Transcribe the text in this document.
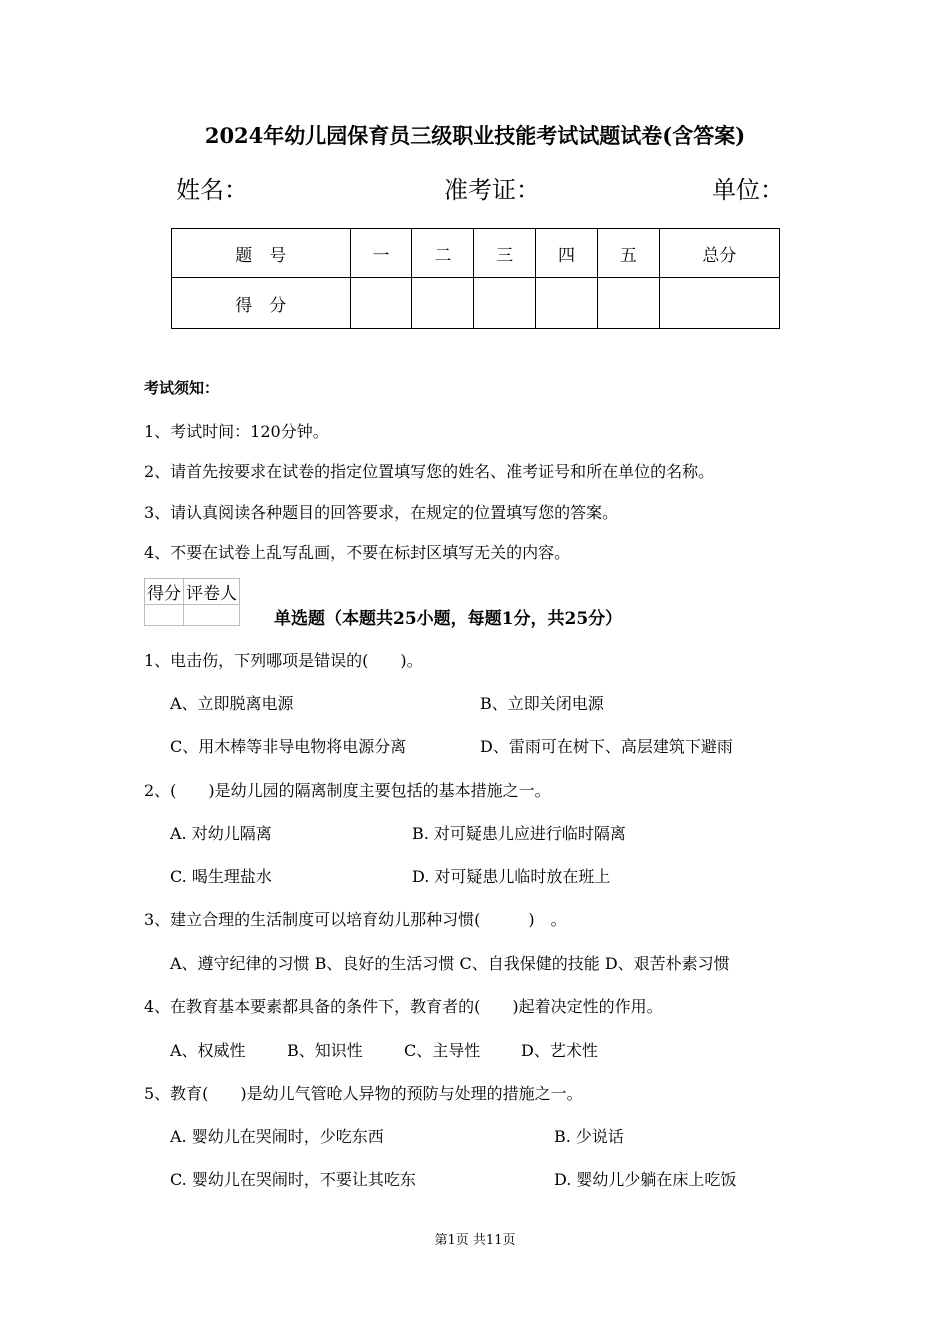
2024年幼儿园保育员三级职业技能考试试题试卷(含答案)
姓名：	准考证：	单位：
题　号	一	二	三	四	五	总分
得　分						
考试须知：
1、考试时间：120分钟。
2、请首先按要求在试卷的指定位置填写您的姓名、准考证号和所在单位的名称。
3、请认真阅读各种题目的回答要求，在规定的位置填写您的答案。
4、不要在试卷上乱写乱画，不要在标封区填写无关的内容。
得分	评卷人

单选题（本题共25小题，每题1分，共25分）
1、电击伤，下列哪项是错误的(　　)。
A、立即脱离电源	B、立即关闭电源
C、用木棒等非导电物将电源分离	D、雷雨可在树下、高层建筑下避雨
2、(　　)是幼儿园的隔离制度主要包括的基本措施之一。
A. 对幼儿隔离	B. 对可疑患儿应进行临时隔离
C. 喝生理盐水	D. 对可疑患儿临时放在班上
3、建立合理的生活制度可以培育幼儿那种习惯(　　　)　。
A、遵守纪律的习惯 B、良好的生活习惯 C、自我保健的技能 D、艰苦朴素习惯
4、在教育基本要素都具备的条件下，教育者的(　　)起着决定性的作用。
A、权威性	B、知识性	C、主导性	D、艺术性
5、教育(　　)是幼儿气管呛人异物的预防与处理的措施之一。
A. 婴幼儿在哭闹时，少吃东西	B. 少说话
C. 婴幼儿在哭闹时，不要让其吃东	D. 婴幼儿少躺在床上吃饭
第1页 共11页
